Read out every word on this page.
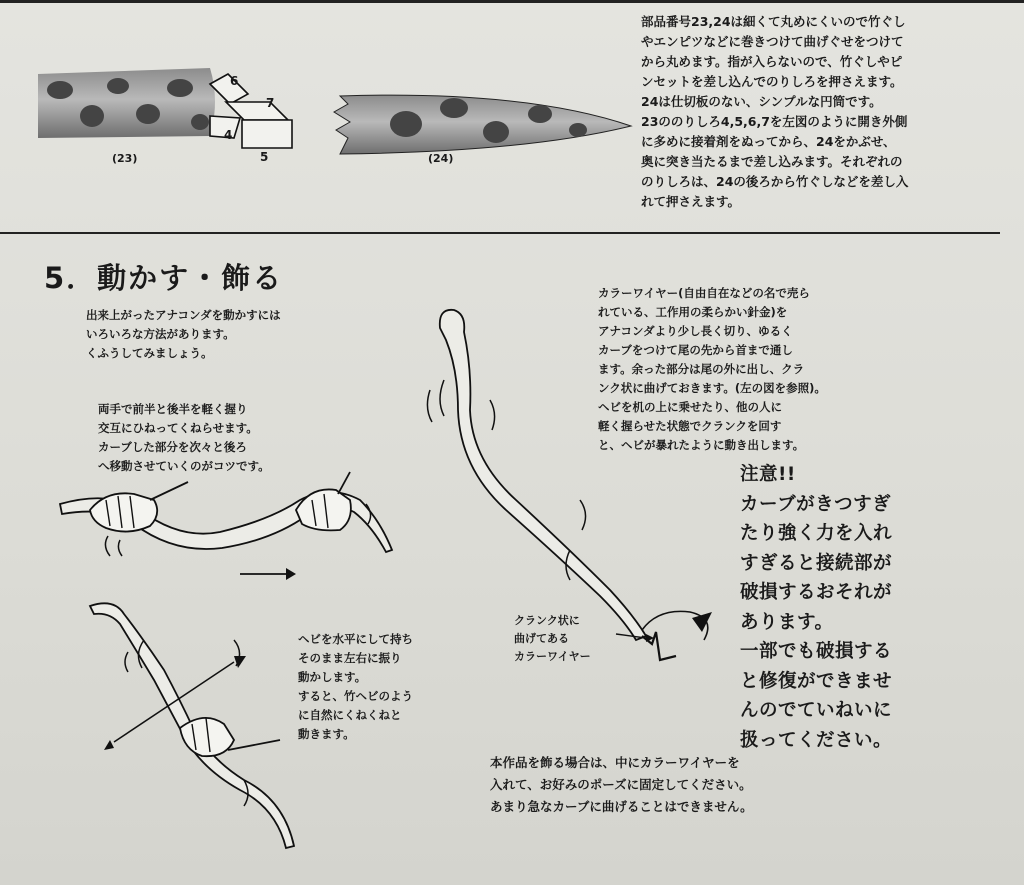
6
7
4
5
(23)	(24)

部品番号23,24は細くて丸めにくいので竹ぐし
やエンピツなどに巻きつけて曲げぐせをつけて
から丸めます。指が入らないので、竹ぐしやピ
ンセットを差し込んでのりしろを押さえます。
24は仕切板のない、シンプルな円筒です。
23ののりしろ4,5,6,7を左図のように開き外側
に多めに接着剤をぬってから、24をかぶせ、
奥に突き当たるまで差し込みます。それぞれの
のりしろは、24の後ろから竹ぐしなどを差し入
れて押さえます。

5．動かす・飾る

出来上がったアナコンダを動かすには
いろいろな方法があります。
くふうしてみましょう。

両手で前半と後半を軽く握り
交互にひねってくねらせます。
カーブした部分を次々と後ろ
へ移動させていくのがコツです。

ヘビを水平にして持ち
そのまま左右に振り
動かします。
すると、竹ヘビのよう
に自然にくねくねと
動きます。

カラーワイヤー(自由自在などの名で売ら
れている、工作用の柔らかい針金)を
アナコンダより少し長く切り、ゆるく
カーブをつけて尾の先から首まで通し
ます。余った部分は尾の外に出し、クラ
ンク状に曲げておきます。(左の図を参照)。
ヘビを机の上に乗せたり、他の人に
軽く握らせた状態でクランクを回す
と、ヘビが暴れたように動き出します。

クランク状に
曲げてある
カラーワイヤー

注意!!
カーブがきつすぎ
たり強く力を入れ
すぎると接続部が
破損するおそれが
あります。
一部でも破損する
と修復ができませ
んのでていねいに
扱ってください。

本作品を飾る場合は、中にカラーワイヤーを
入れて、お好みのポーズに固定してください。
あまり急なカーブに曲げることはできません。
